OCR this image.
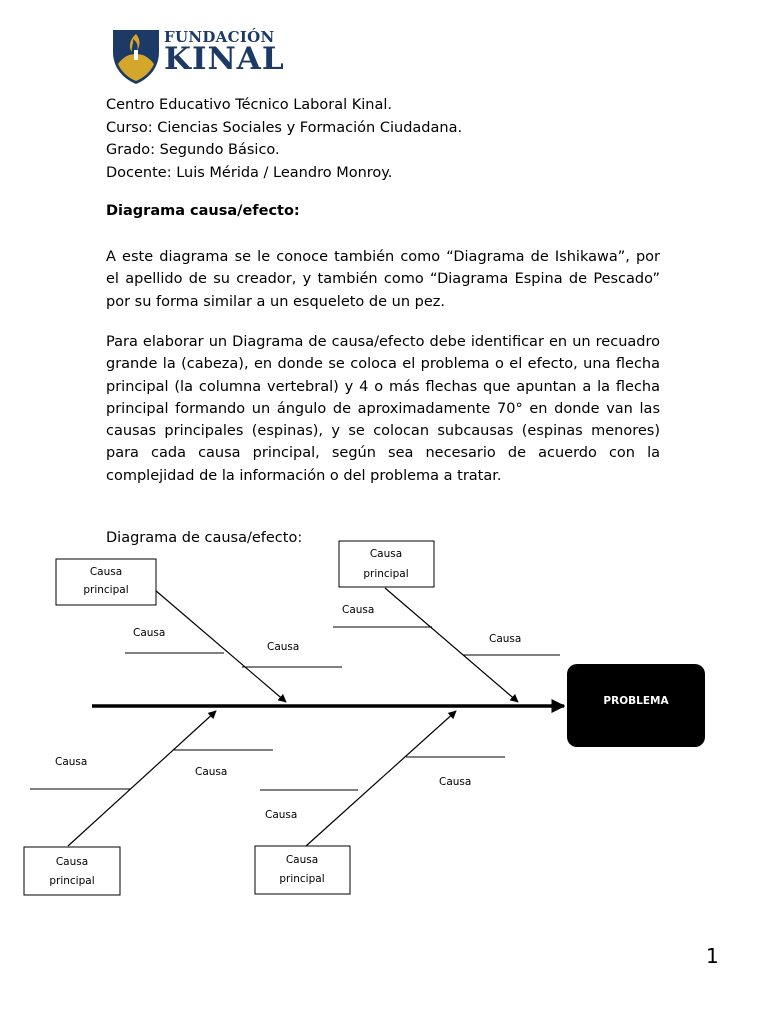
FUNDACIÓN
KINAL
Centro Educativo Técnico Laboral Kinal.
Curso: Ciencias Sociales y Formación Ciudadana.
Grado: Segundo Básico.
Docente: Luis Mérida / Leandro Monroy.
Diagrama causa/efecto:

A este diagrama se le conoce también como “Diagrama de Ishikawa”, por el apellido de su creador, y también como “Diagrama Espina de Pescado” por su forma similar a un esqueleto de un pez.

Para elaborar un Diagrama de causa/efecto debe identificar en un recuadro grande la (cabeza), en donde se coloca el problema o el efecto, una flecha principal (la columna vertebral) y 4 o más flechas que apuntan a la flecha principal formando un ángulo de aproximadamente 70° en donde van las causas principales (espinas), y se colocan subcausas (espinas menores) para cada causa principal, según sea necesario de acuerdo con la complejidad de la información o del problema a tratar.

Diagrama de causa/efecto:
PROBLEMA
Causa
principal
Causa
principal
Causa
principal
Causa
principal
Causa
Causa
Causa
Causa
Causa
Causa
Causa
Causa
1
